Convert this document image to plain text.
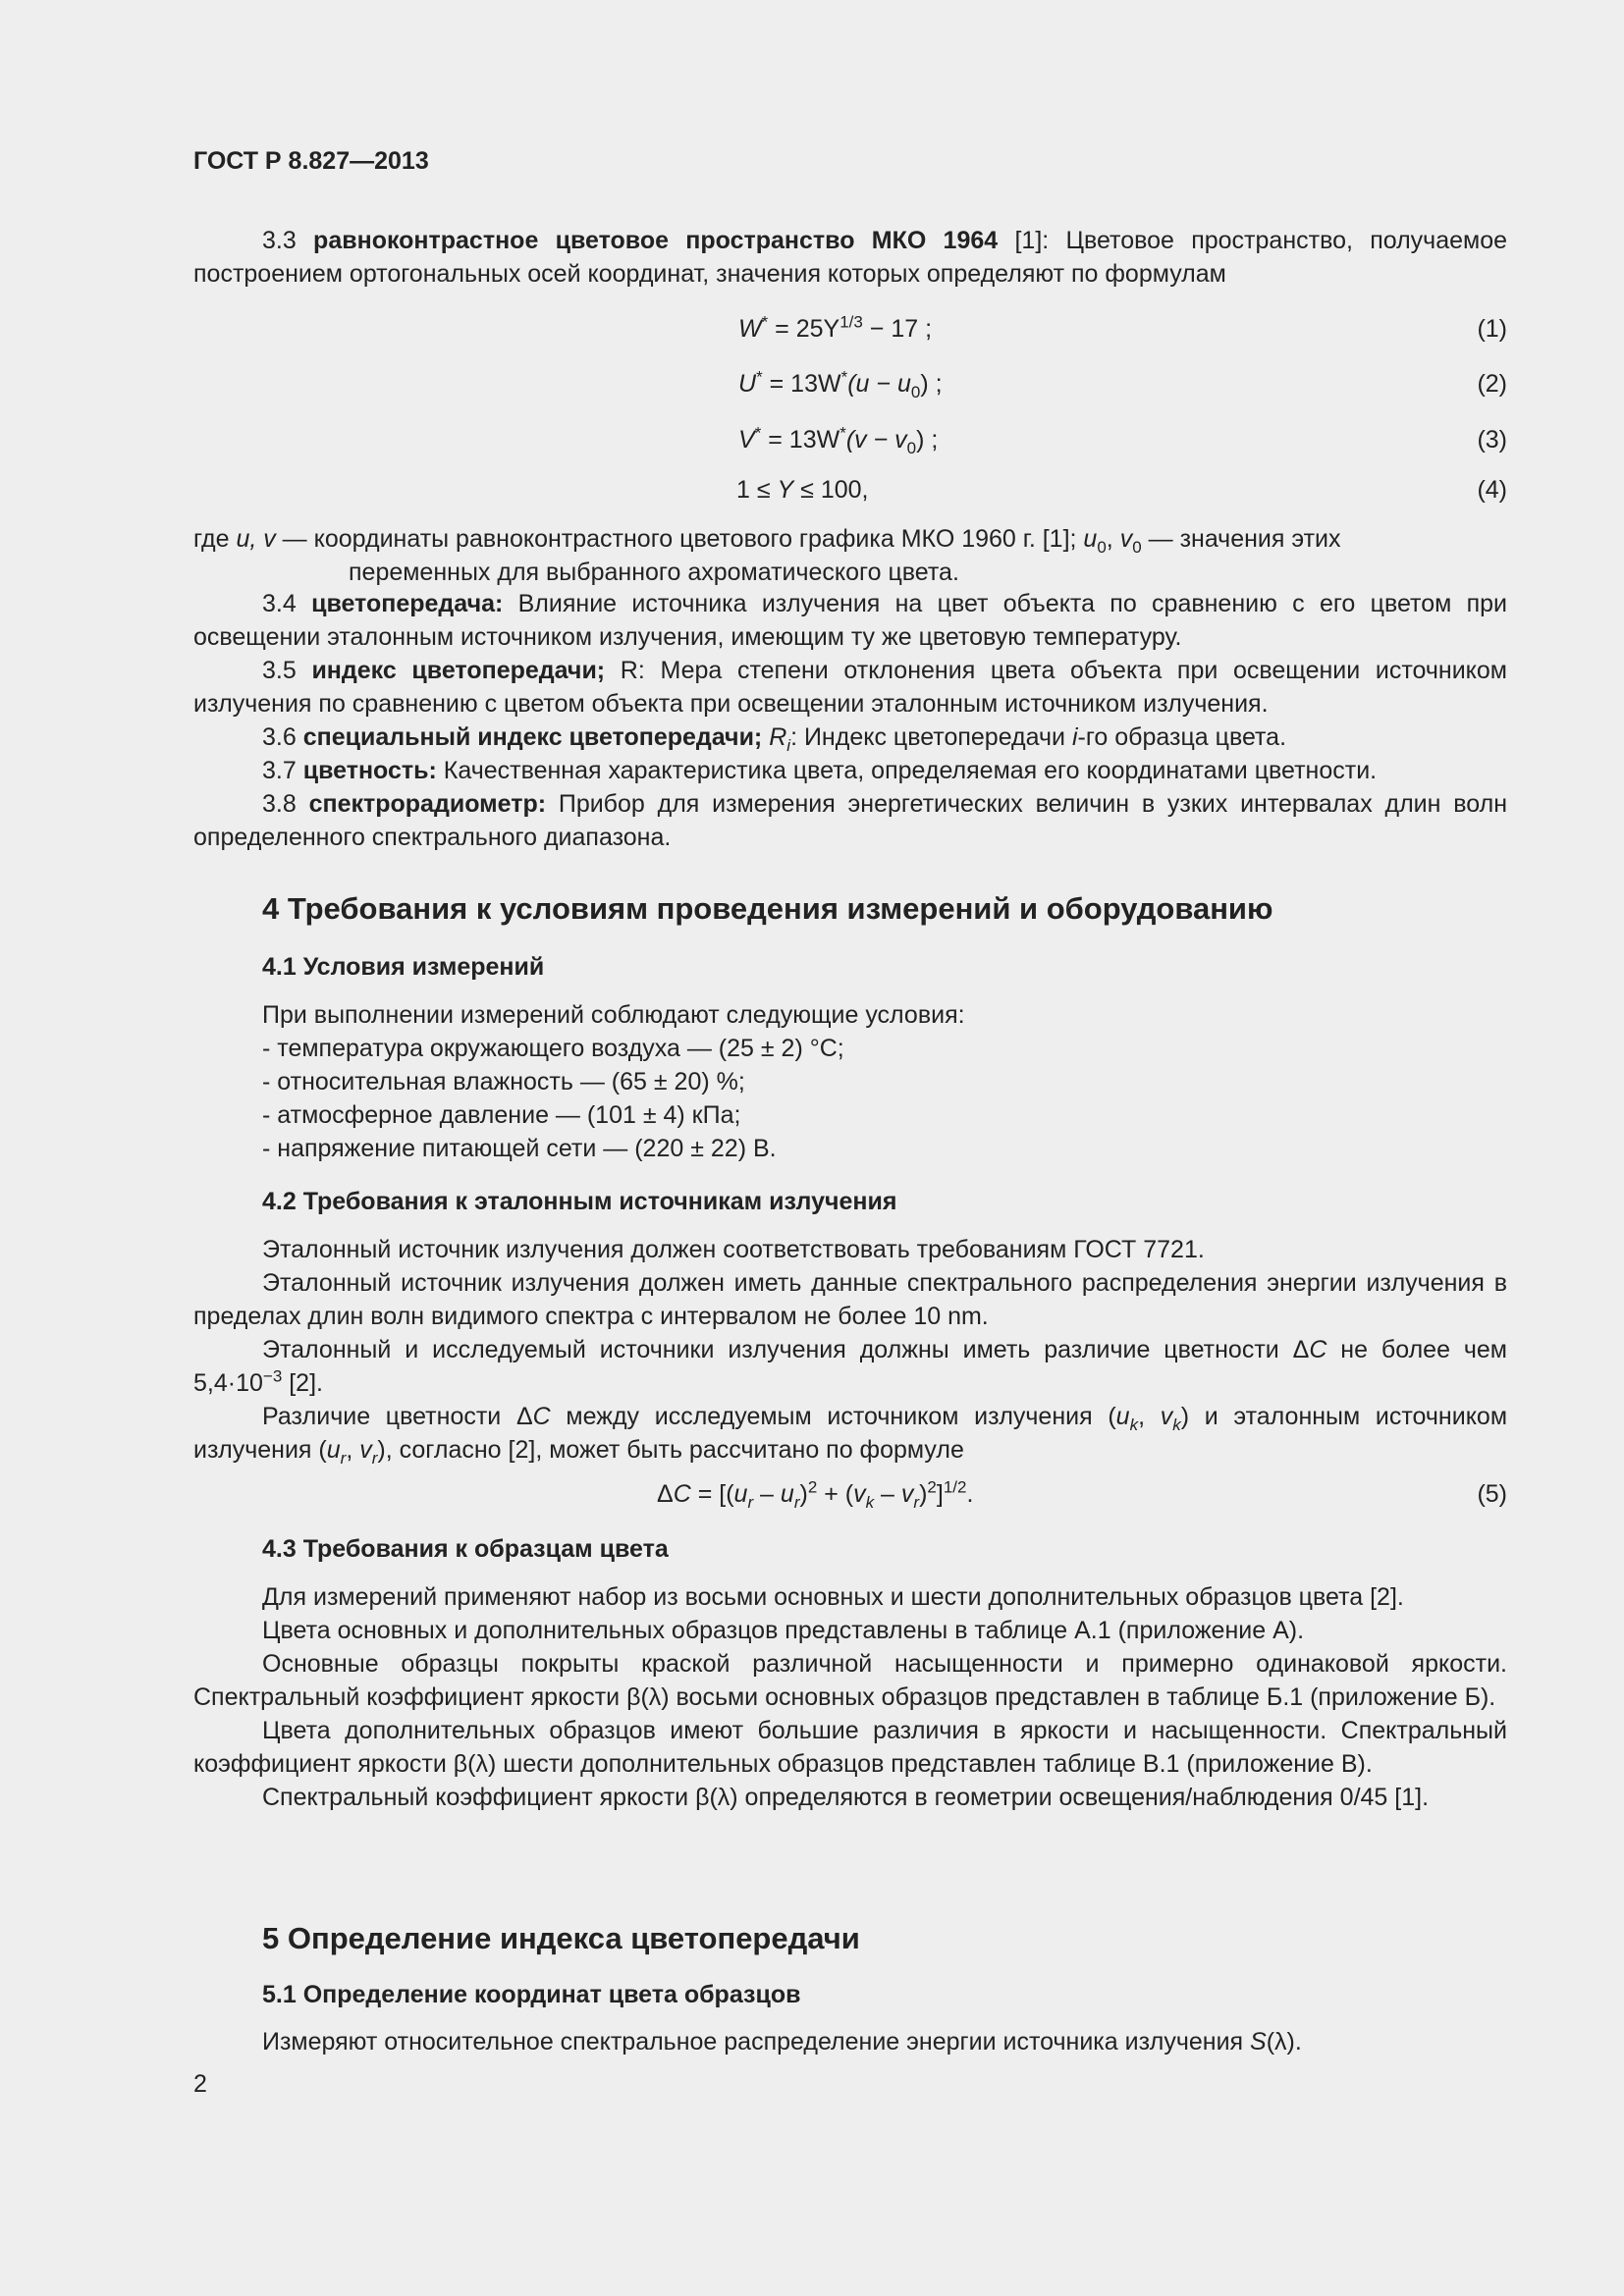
ГОСТ Р 8.827—2013

3.3 равноконтрастное цветовое пространство МКО 1964 [1]: Цветовое пространство, получаемое построением ортогональных осей координат, значения которых определяют по формулам

$W^* = 25Y^{1/3} - 17$ ;	(1)
$U^* = 13W^*(u - u_0)$ ;	(2)
$V^* = 13W^*(v - v_0)$ ;	(3)
1 ≤ Y ≤ 100,	(4)

где u, v — координаты равноконтрастного цветового графика МКО 1960 г. [1]; $u_0$, $v_0$ — значения этих

переменных для выбранного ахроматического цвета.

3.4 цветопередача: Влияние источника излучения на цвет объекта по сравнению с его цветом при освещении эталонным источником излучения, имеющим ту же цветовую температуру.

3.5 индекс цветопередачи; R: Мера степени отклонения цвета объекта при освещении источником излучения по сравнению с цветом объекта при освещении эталонным источником излучения.

3.6 специальный индекс цветопередачи; $R_i$: Индекс цветопередачи i-го образца цвета.

3.7 цветность: Качественная характеристика цвета, определяемая его координатами цветности.

3.8 спектрорадиометр: Прибор для измерения энергетических величин в узких интервалах длин волн определенного спектрального диапазона.

4 Требования к условиям проведения измерений и оборудованию
4.1 Условия измерений
При выполнении измерений соблюдают следующие условия:
- температура окружающего воздуха — (25 ± 2) °С;
- относительная влажность — (65 ± 20) %;
- атмосферное давление — (101 ± 4) кПа;
- напряжение питающей сети — (220 ± 22) В.
4.2 Требования к эталонным источникам излучения

Эталонный источник излучения должен соответствовать требованиям ГОСТ 7721.

Эталонный источник излучения должен иметь данные спектрального распределения энергии излучения в пределах длин волн видимого спектра с интервалом не более 10 nm.

Эталонный и исследуемый источники излучения должны иметь различие цветности ΔC не более чем $5,4\cdot 10^{-3}$ [2].

Различие цветности ΔC между исследуемым источником излучения ($u_k$, $v_k$) и эталонным источником излучения ($u_r$, $v_r$), согласно [2], может быть рассчитано по формуле

$\Delta C = [(u_r - u_r)^2 + (v_k - v_r)^2]^{1/2}$.	(5)
4.3 Требования к образцам цвета

Для измерений применяют набор из восьми основных и шести дополнительных образцов цвета [2].

Цвета основных и дополнительных образцов представлены в таблице А.1 (приложение А).

Основные образцы покрыты краской различной насыщенности и примерно одинаковой яркости. Спектральный коэффициент яркости β(λ) восьми основных образцов представлен в таблице Б.1 (приложение Б).

Цвета дополнительных образцов имеют большие различия в яркости и насыщенности. Спектральный коэффициент яркости β(λ) шести дополнительных образцов представлен таблице В.1 (приложение В).

Спектральный коэффициент яркости β(λ) определяются в геометрии освещения/наблюдения 0/45 [1].

5 Определение индекса цветопередачи
5.1 Определение координат цвета образцов
Измеряют относительное спектральное распределение энергии источника излучения S(λ).
2
